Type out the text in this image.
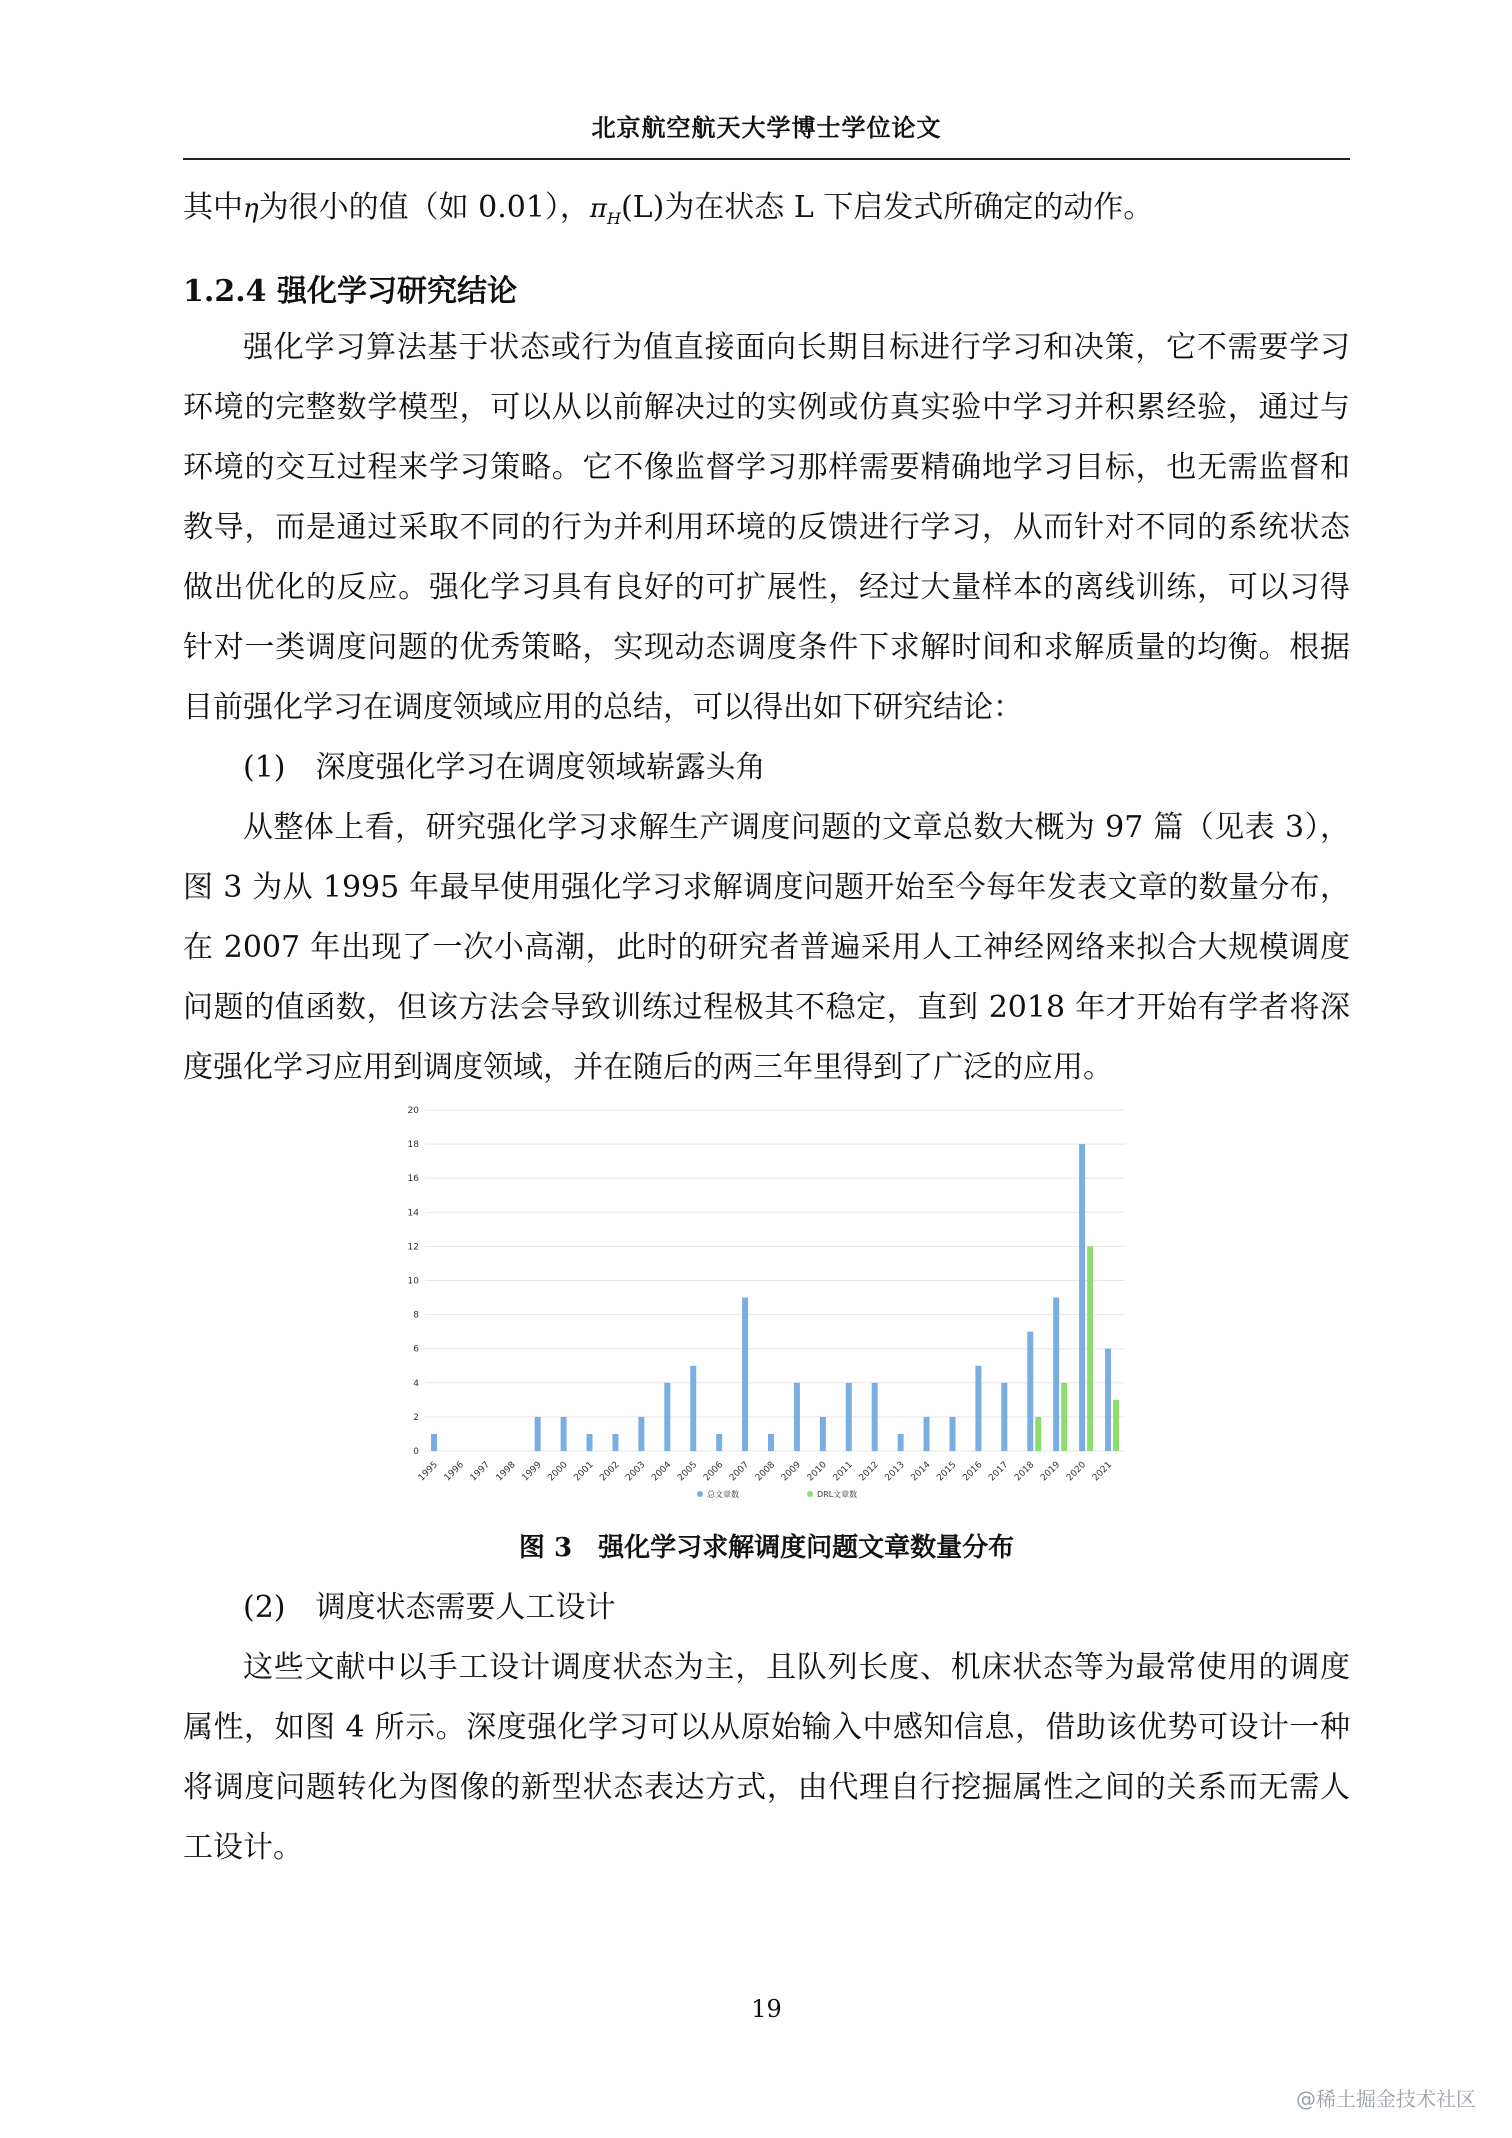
北京航空航天大学博士学位论文
其中η为很小的值（如 0.01），$\pi_H(L)$为在状态 L 下启发式所确定的动作。
1.2.4 强化学习研究结论
强化学习算法基于状态或行为值直接面向长期目标进行学习和决策，它不需要学习环境的完整数学模型，可以从以前解决过的实例或仿真实验中学习并积累经验，通过与环境的交互过程来学习策略。它不像监督学习那样需要精确地学习目标，也无需监督和教导，而是通过采取不同的行为并利用环境的反馈进行学习，从而针对不同的系统状态做出优化的反应。强化学习具有良好的可扩展性，经过大量样本的离线训练，可以习得针对一类调度问题的优秀策略，实现动态调度条件下求解时间和求解质量的均衡。根据目前强化学习在调度领域应用的总结，可以得出如下研究结论：
(1)　深度强化学习在调度领域崭露头角
从整体上看，研究强化学习求解生产调度问题的文章总数大概为 97 篇（见表 3），图 3 为从 1995 年最早使用强化学习求解调度问题开始至今每年发表文章的数量分布，在 2007 年出现了一次小高潮，此时的研究者普遍采用人工神经网络来拟合大规模调度问题的值函数，但该方法会导致训练过程极其不稳定，直到 2018 年才开始有学者将深度强化学习应用到调度领域，并在随后的两三年里得到了广泛的应用。
0
2
4
6
8
10
12
14
16
18
20
1995 1996 1997 1998 1999 2000 2001 2002 2003 2004 2005 2006 2007 2008 2009 2010 2011 2012 2013 2014 2015 2016 2017 2018 2019 2020 2021
总文章数	DRL文章数
图 3　强化学习求解调度问题文章数量分布
(2)　调度状态需要人工设计
这些文献中以手工设计调度状态为主，且队列长度、机床状态等为最常使用的调度属性，如图 4 所示。深度强化学习可以从原始输入中感知信息，借助该优势可设计一种将调度问题转化为图像的新型状态表达方式，由代理自行挖掘属性之间的关系而无需人工设计。
19
@稀土掘金技术社区
